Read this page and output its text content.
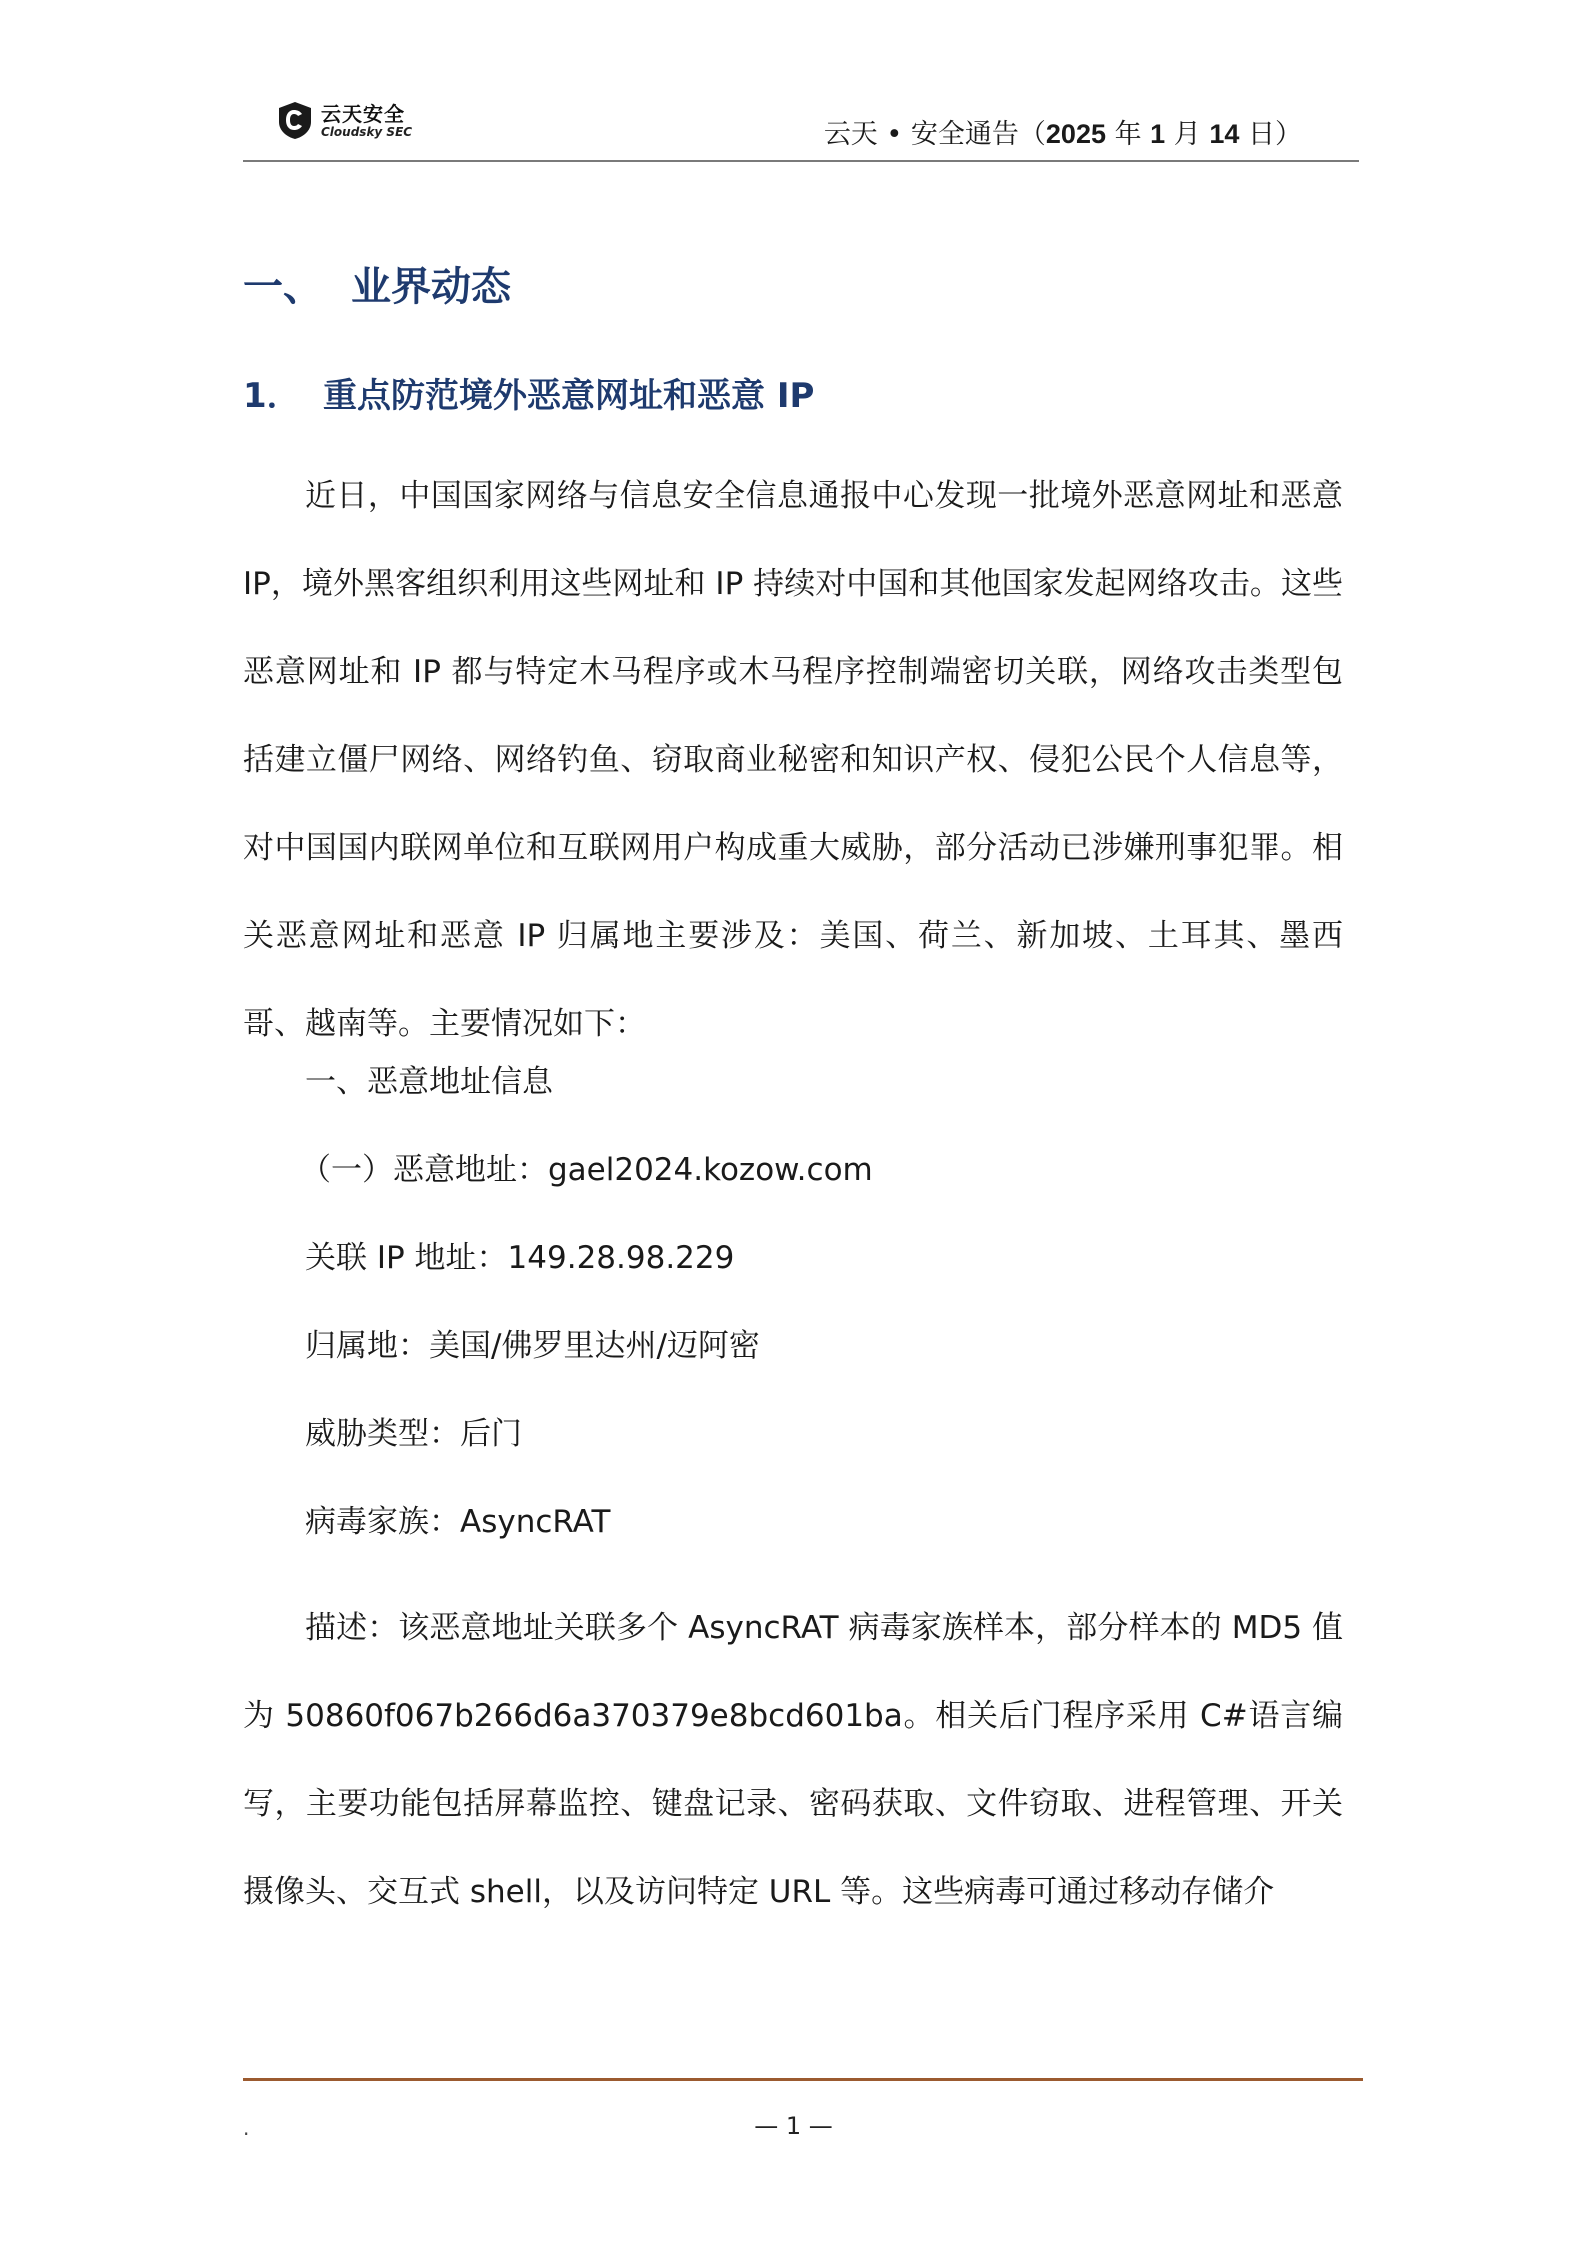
云天安全
Cloudsky SEC	云天 • 安全通告（2025 年 1 月 14 日）
一、 业界动态
1． 重点防范境外恶意网址和恶意 IP

近日，中国国家网络与信息安全信息通报中心发现一批境外恶意网址和恶意 IP，境外黑客组织利用这些网址和 IP 持续对中国和其他国家发起网络攻击。这些恶意网址和 IP 都与特定木马程序或木马程序控制端密切关联，网络攻击类型包括建立僵尸网络、网络钓鱼、窃取商业秘密和知识产权、侵犯公民个人信息等，对中国国内联网单位和互联网用户构成重大威胁，部分活动已涉嫌刑事犯罪。相关恶意网址和恶意 IP 归属地主要涉及：美国、荷兰、新加坡、土耳其、墨西哥、越南等。主要情况如下：

一、恶意地址信息
（一）恶意地址：gael2024.kozow.com
关联 IP 地址：149.28.98.229
归属地：美国/佛罗里达州/迈阿密
威胁类型：后门
病毒家族：AsyncRAT

描述：该恶意地址关联多个 AsyncRAT 病毒家族样本，部分样本的 MD5 值为 50860f067b266d6a370379e8bcd601ba。相关后门程序采用 C#语言编写，主要功能包括屏幕监控、键盘记录、密码获取、文件窃取、进程管理、开关摄像头、交互式 shell，以及访问特定 URL 等。这些病毒可通过移动存储介

.	— 1 —
